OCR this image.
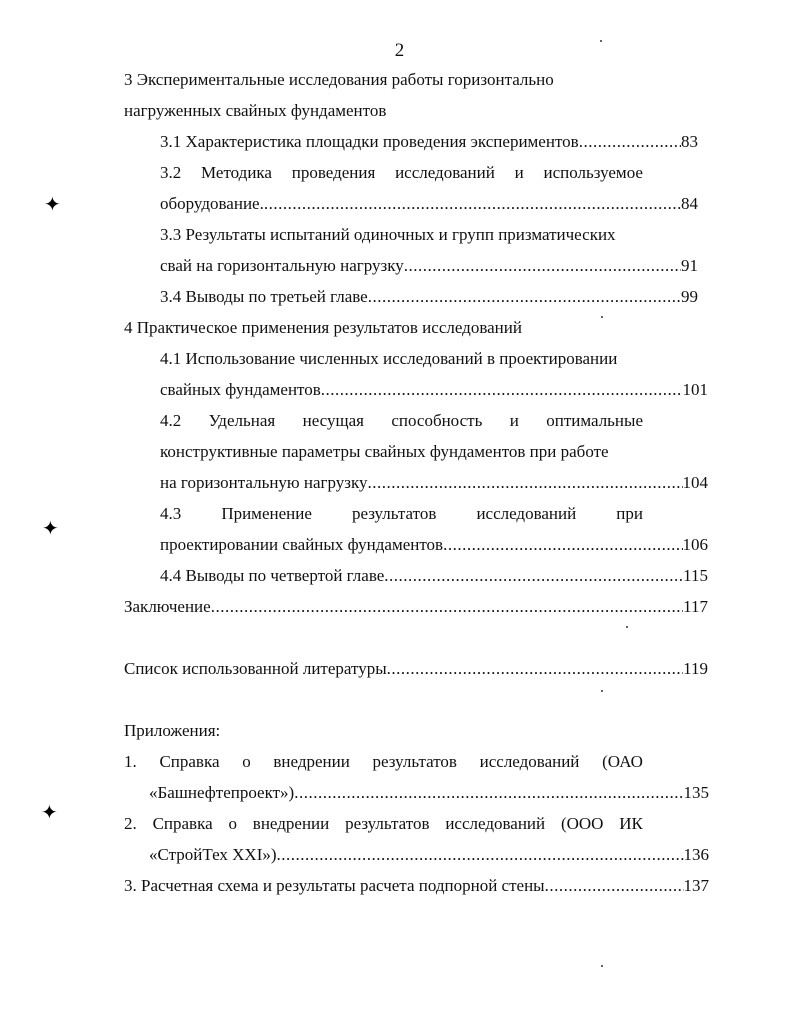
2
3 Экспериментальные исследования работы горизонтально
нагруженных свайных фундаментов
3.1 Характеристика площадки проведения экспериментов .....	83
3.2 Методика проведения исследований и используемое
оборудование. .....	84
3.3 Результаты испытаний одиночных и групп призматических
свай на горизонтальную нагрузку .....	91
3.4 Выводы по третьей главе .....	99
4 Практическое применения результатов исследований
4.1 Использование численных исследований в проектировании
свайных фундаментов .....	101
4.2 Удельная несущая способность и оптимальные
конструктивные параметры свайных фундаментов при работе
на горизонтальную нагрузку .....	104
4.3 Применение результатов исследований при
проектировании свайных фундаментов .....	106
4.4 Выводы по четвертой главе .....	115
Заключение .....	117
Список использованной литературы .....	119
Приложения:
1. Справка о внедрении результатов исследований (ОАО
«Башнефтепроект») .....	135
2. Справка о внедрении результатов исследований (ООО ИК
«СтройТех XXI») .....	136
3. Расчетная схема и результаты расчета подпорной стены .....	137
✦
✦
✦
